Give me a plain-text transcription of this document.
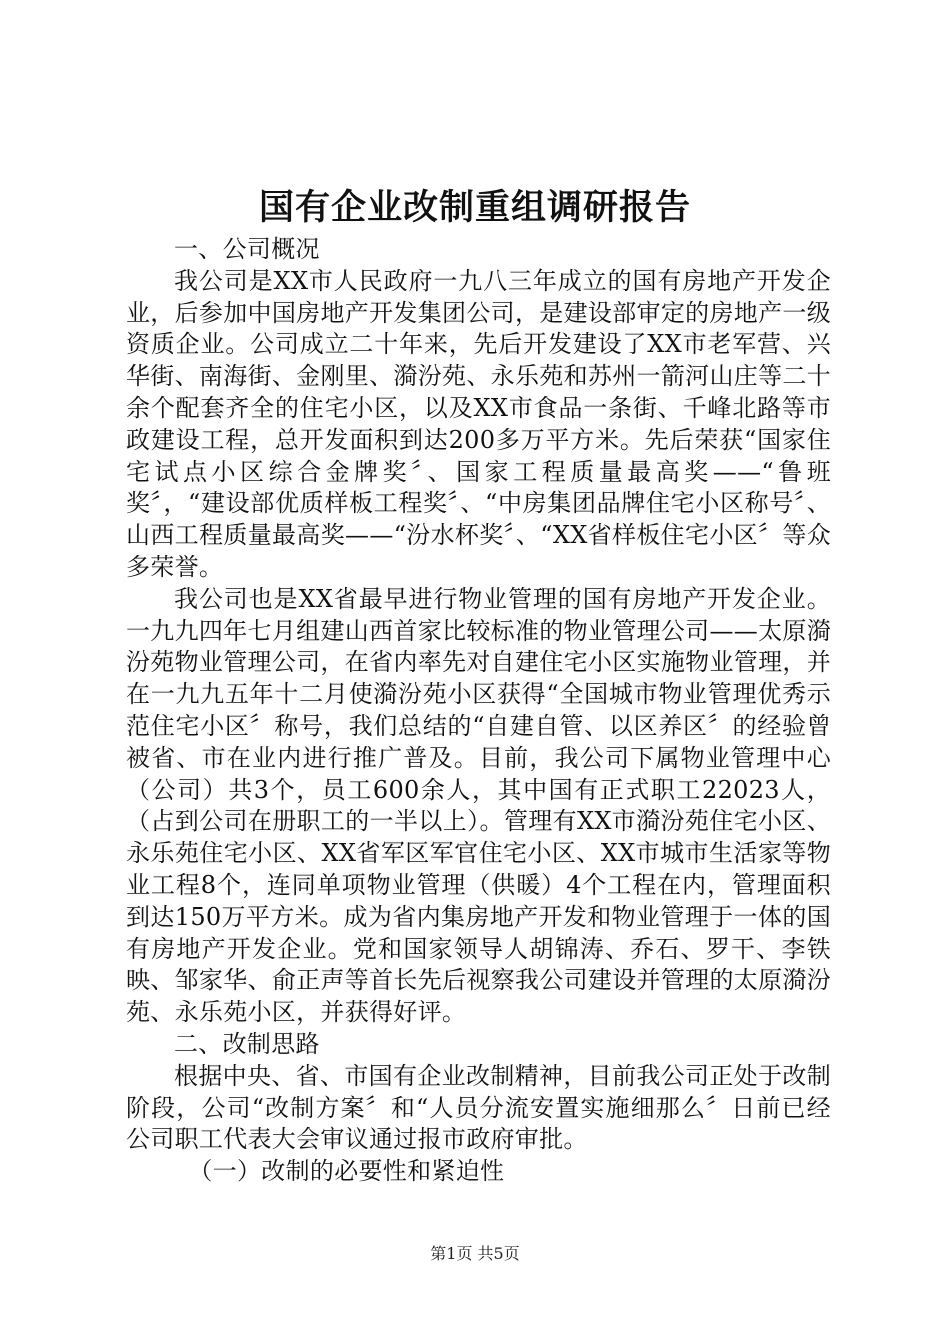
国有企业改制重组调研报告

一、公司概况

我公司是XX市人民政府一九八三年成立的国有房地产开发企业，后参加中国房地产开发集团公司，是建设部审定的房地产一级资质企业。公司成立二十年来，先后开发建设了XX市老军营、兴华街、南海街、金刚里、漪汾苑、永乐苑和苏州一箭河山庄等二十余个配套齐全的住宅小区，以及XX市食品一条街、千峰北路等市政建设工程，总开发面积到达200多万平方米。先后荣获“国家住宅试点小区综合金牌奖〞、国家工程质量最高奖——“鲁班奖〞，“建设部优质样板工程奖〞、“中房集团品牌住宅小区称号〞、山西工程质量最高奖——“汾水杯奖〞、“XX省样板住宅小区〞等众多荣誉。

我公司也是XX省最早进行物业管理的国有房地产开发企业。一九九四年七月组建山西首家比较标准的物业管理公司——太原漪汾苑物业管理公司，在省内率先对自建住宅小区实施物业管理，并在一九九五年十二月使漪汾苑小区获得“全国城市物业管理优秀示范住宅小区〞称号，我们总结的“自建自管、以区养区〞的经验曾被省、市在业内进行推广普及。目前，我公司下属物业管理中心（公司）共3个，员工600余人，其中国有正式职工22023人，（占到公司在册职工的一半以上）。管理有XX市漪汾苑住宅小区、永乐苑住宅小区、XX省军区军官住宅小区、XX市城市生活家等物业工程8个，连同单项物业管理（供暖）4个工程在内，管理面积到达150万平方米。成为省内集房地产开发和物业管理于一体的国有房地产开发企业。党和国家领导人胡锦涛、乔石、罗干、李铁映、邹家华、俞正声等首长先后视察我公司建设并管理的太原漪汾苑、永乐苑小区，并获得好评。

二、改制思路

根据中央、省、市国有企业改制精神，目前我公司正处于改制阶段，公司“改制方案〞和“人员分流安置实施细那么〞日前已经公司职工代表大会审议通过报市政府审批。

（一）改制的必要性和紧迫性

第1页 共5页
